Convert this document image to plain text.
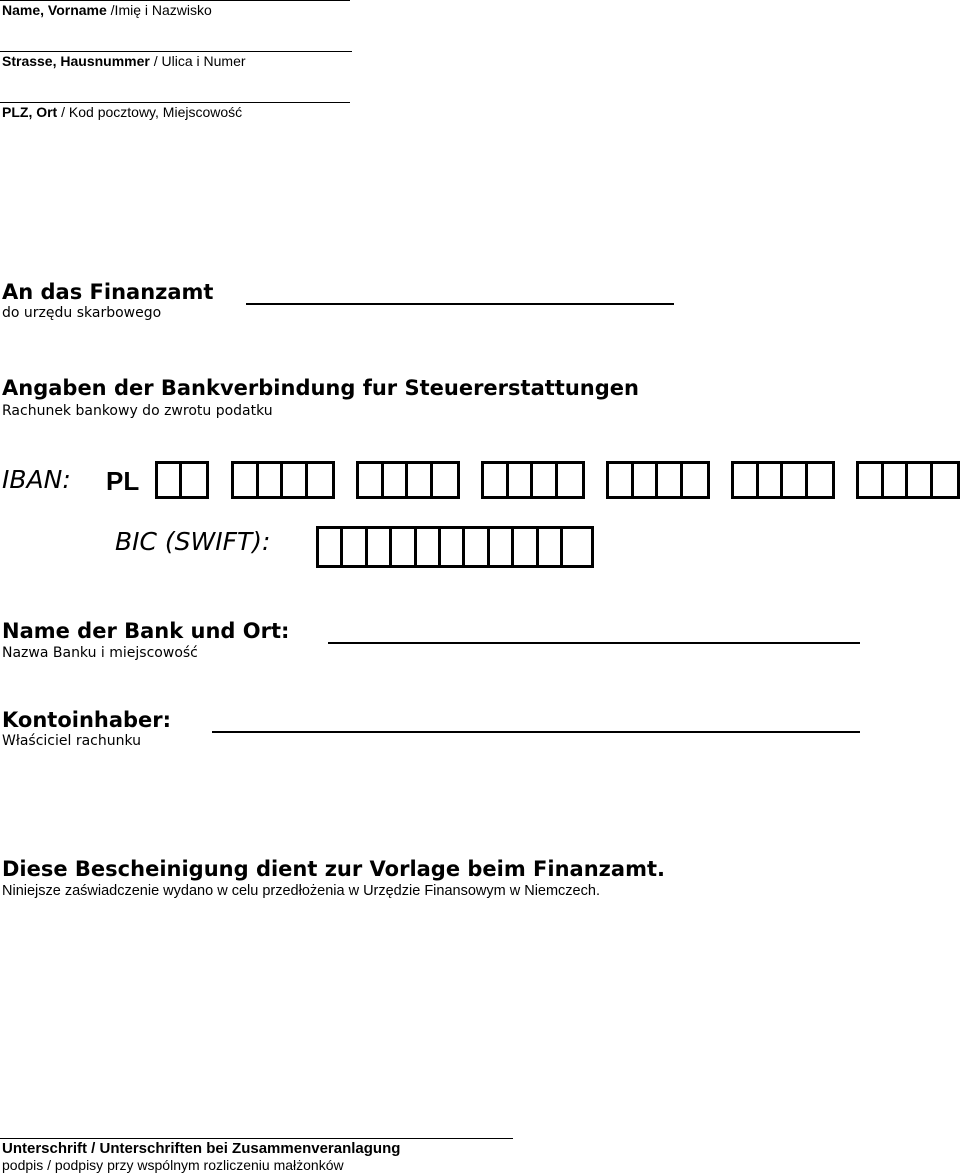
Name, Vorname /Imię i Nazwisko
Strasse, Hausnummer / Ulica i Numer
PLZ, Ort / Kod pocztowy, Miejscowość
An das Finanzamt
do urzędu skarbowego
Angaben der Bankverbindung fur Steuererstattungen
Rachunek bankowy do zwrotu podatku
IBAN: PL
BIC (SWIFT):
Name der Bank und Ort:
Nazwa Banku i miejscowość
Kontoinhaber:
Właściciel rachunku
Diese Bescheinigung dient zur Vorlage beim Finanzamt.
Niniejsze zaświadczenie wydano w celu przedłożenia w Urzędzie Finansowym w Niemczech.
Unterschrift / Unterschriften bei Zusammenveranlagung
podpis / podpisy przy wspólnym rozliczeniu małżonków
